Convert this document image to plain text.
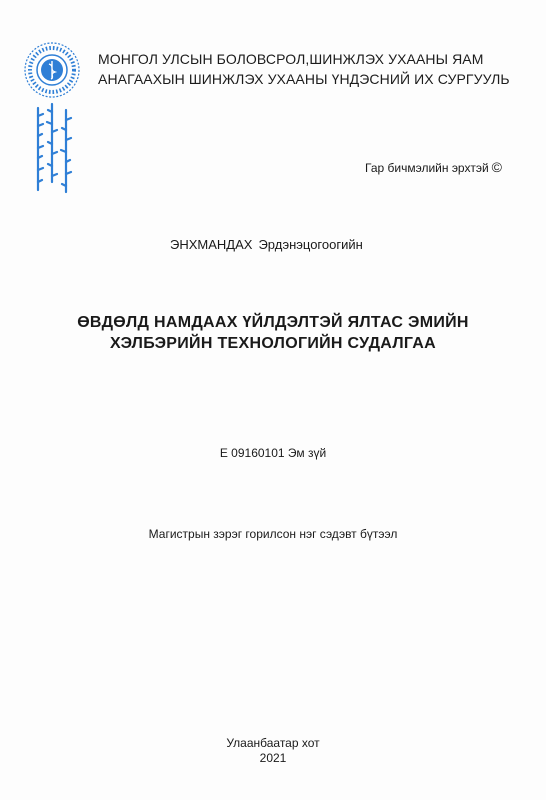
МОНГОЛ УЛСЫН БОЛОВСРОЛ,ШИНЖЛЭХ УХААНЫ ЯАМ
АНАГААХЫН ШИНЖЛЭХ УХААНЫ ҮНДЭСНИЙ ИХ СУРГУУЛЬ
Гар бичмэлийн эрхтэй ©
ЭНХМАНДАХ Эрдэнэцогоогийн
ӨВДӨЛД НАМДААХ ҮЙЛДЭЛТЭЙ ЯЛТАС ЭМИЙН
ХЭЛБЭРИЙН ТЕХНОЛОГИЙН СУДАЛГАА
Е 09160101 Эм зүй
Магистрын зэрэг горилсон нэг сэдэвт бүтээл
Улаанбаатар хот
2021
